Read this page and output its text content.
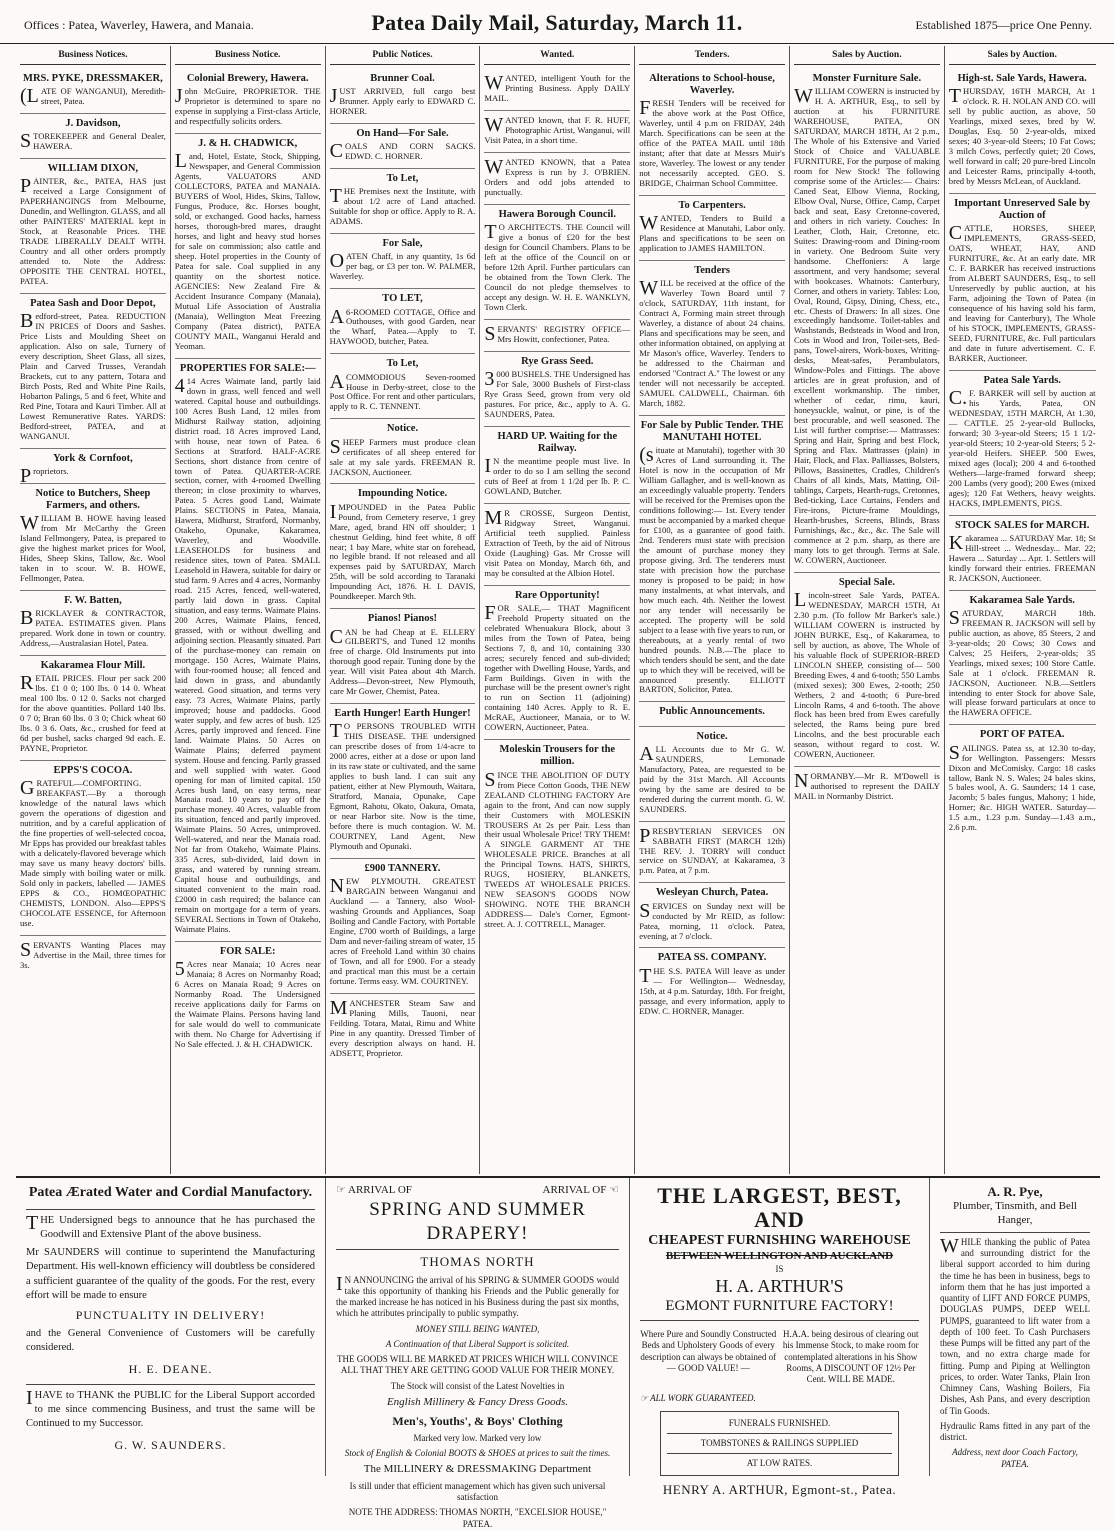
Offices : Patea, Waverley, Hawera, and Manaia.	Patea Daily Mail, Saturday, March 11.	Established 1875—price One Penny.
Business Notices.
MRS. PYKE, DRESSMAKER,

(LATE OF WANGANUI), Meredith-street, Patea.

J. Davidson,

STOREKEEPER and General Dealer, HAWERA.

WILLIAM DIXON,

PAINTER, &c., PATEA, HAS just received a Large Consignment of PAPERHANGINGS from Melbourne, Dunedin, and Wellington. GLASS, and all other PAINTERS' MATERIAL kept in Stock, at Reasonable Prices. THE TRADE LIBERALLY DEALT WITH. Country and all other orders promptly attended to. Note the Address: OPPOSITE THE CENTRAL HOTEL, PATEA.

Patea Sash and Door Depot,

Bedford-street, Patea. REDUCTION IN PRICES of Doors and Sashes. Price Lists and Moulding Sheet on application. Also on sale, Turnery of every description, Sheet Glass, all sizes, Plain and Carved Trusses, Verandah Brackets, cut to any pattern, Totara and Birch Posts, Red and White Pine Rails, Hobarton Palings, 5 and 6 feet, White and Red Pine, Totara and Kauri Timber. All at Lowest Remunerative Rates. YARDS: Bedford-street, PATEA, and at WANGANUI.

York & Cornfoot,

Proprietors.

Notice to Butchers, Sheep Farmers, and others.

WILLIAM B. HOWE having leased from Mr McCarthy the Green Island Fellmongery, Patea, is prepared to give the highest market prices for Wool, Hides, Sheep Skins, Tallow, &c. Wool taken in to scour. W. B. HOWE, Fellmonger, Patea.

F. W. Batten,

BRICKLAYER & CONTRACTOR, PATEA. ESTIMATES given. Plans prepared. Work done in town or country. Address,—Australasian Hotel, Patea.

Kakaramea Flour Mill.

RETAIL PRICES. Flour per sack 200 lbs. £1 0 0; 100 lbs. 0 14 0. Wheat meal 100 lbs. 0 12 0. Sacks not charged for the above quantities. Pollard 140 lbs. 0 7 0; Bran 60 lbs. 0 3 0; Chick wheat 60 lbs. 0 3 6. Oats, &c., crushed for feed at 6d per bushel, sacks charged 9d each. E. PAYNE, Proprietor.

EPPS'S COCOA.

GRATEFUL—COMFORTING. BREAKFAST.—By a thorough knowledge of the natural laws which govern the operations of digestion and nutrition, and by a careful application of the fine properties of well-selected cocoa, Mr Epps has provided our breakfast tables with a delicately-flavored beverage which may save us many heavy doctors' bills. Made simply with boiling water or milk. Sold only in packets, labelled — JAMES EPPS & CO., HOMŒOPATHIC CHEMISTS, LONDON. Also—EPPS'S CHOCOLATE ESSENCE, for Afternoon use.

SERVANTS Wanting Places may Advertise in the Mail, three times for 3s.

Business Notice.
Colonial Brewery, Hawera.

John McGuire, PROPRIETOR. THE Proprietor is determined to spare no expense in supplying a First-class Article, and respectfully solicits orders.

J. & H. CHADWICK,

Land, Hotel, Estate, Stock, Shipping, Newspaper, and General Commission Agents, VALUATORS AND COLLECTORS, PATEA and MANAIA. BUYERS of Wool, Hides, Skins, Tallow, Fungus, Produce, &c. Horses bought, sold, or exchanged. Good hacks, harness horses, thorough-bred mares, draught horses, and light and heavy stud horses for sale on commission; also cattle and sheep. Hotel properties in the County of Patea for sale. Coal supplied in any quantity on the shortest notice. AGENCIES: New Zealand Fire & Accident Insurance Company (Manaia), Mutual Life Association of Australia (Manaia), Wellington Meat Freezing Company (Patea district), PATEA COUNTY MAIL, Wanganui Herald and Yeoman.

PROPERTIES FOR SALE:—

414 Acres Waimate land, partly laid down in grass, well fenced and well watered. Capital house and outbuildings. 100 Acres Bush Land, 12 miles from Midhurst Railway station, adjoining district road. 18 Acres improved Land, with house, near town of Patea. 6 Sections at Stratford. HALF-ACRE Sections, short distance from centre of town of Patea. QUARTER-ACRE section, corner, with 4-roomed Dwelling thereon; in close proximity to wharves, Patea. 5 Acres good Land, Waimate Plains. SECTIONS in Patea, Manaia, Hawera, Midhurst, Stratford, Normanby, Otakeho, Opunake, Kakaramea, Waverley, and Woodville. LEASEHOLDS for business and residence sites, town of Patea. SMALL Leasehold in Hawera, suitable for dairy or stud farm. 9 Acres and 4 acres, Normanby road. 215 Acres, fenced, well-watered, partly laid down in grass. Capital situation, and easy terms. Waimate Plains. 200 Acres, Waimate Plains, fenced, grassed, with or without dwelling and adjoining section. Pleasantly situated. Part of the purchase-money can remain on mortgage. 150 Acres, Waimate Plains, with four-roomed house; all fenced and laid down in grass, and abundantly watered. Good situation, and terms very easy. 73 Acres, Waimate Plains, partly improved; house and paddocks. Good water supply, and few acres of bush. 125 Acres, partly improved and fenced. Fine land. Waimate Plains. 50 Acres on Waimate Plains; deferred payment system. House and fencing. Partly grassed and well supplied with water. Good opening for man of limited capital. 150 Acres bush land, on easy terms, near Manaia road. 10 years to pay off the purchase money. 40 Acres, valuable from its situation, fenced and partly improved. Waimate Plains. 50 Acres, unimproved. Well-watered, and near the Manaia road. Not far from Otakeho, Waimate Plains. 335 Acres, sub-divided, laid down in grass, and watered by running stream. Capital house and outbuildings, and situated convenient to the main road. £2000 in cash required; the balance can remain on mortgage for a term of years. SEVERAL Sections in Town of Otakeho, Waimate Plains.

FOR SALE:

5Acres near Manaia; 10 Acres near Manaia; 8 Acres on Normanby Road; 6 Acres on Manaia Road; 9 Acres on Normanby Road. The Undersigned receive applications daily for Farms on the Waimate Plains. Persons having land for sale would do well to communicate with them. No Charge for Advertising if No Sale effected. J. & H. CHADWICK.

Public Notices.
Brunner Coal.

JUST ARRIVED, full cargo best Brunner. Apply early to EDWARD C. HORNER.

On Hand—For Sale.

COALS AND CORN SACKS. EDWD. C. HORNER.

To Let,

THE Premises next the Institute, with about 1/2 acre of Land attached. Suitable for shop or office. Apply to R. A. ADAMS.

For Sale,

OATEN Chaff, in any quantity, 1s 6d per bag, or £3 per ton. W. PALMER, Waverley.

TO LET,

A6-ROOMED COTTAGE, Office and Outhouses, with good Garden, near the Wharf, Patea.—Apply to T. HAYWOOD, butcher, Patea.

To Let,

ACOMMODIOUS Seven-roomed House in Derby-street, close to the Post Office. For rent and other particulars, apply to R. C. TENNENT.

Notice.

SHEEP Farmers must produce clean certificates of all sheep entered for sale at my sale yards. FREEMAN R. JACKSON, Auctioneer.

Impounding Notice.

IMPOUNDED in the Patea Public Pound, from Cemetery reserve, 1 grey Mare, aged, brand HN off shoulder; 1 chestnut Gelding, hind feet white, 8 off near; 1 bay Mare, white star on forehead, no legible brand. If not released and all expenses paid by SATURDAY, March 25th, will be sold according to Taranaki Impounding Act, 1876. H. I. DAVIS, Poundkeeper. March 9th.

Pianos! Pianos!

CAN be had Cheap at E. ELLERY GILBERT'S, and Tuned 12 months free of charge. Old Instruments put into thorough good repair. Tuning done by the year. Will visit Patea about 4th March. Address—Devon-street, New Plymouth, care Mr Gower, Chemist, Patea.

Earth Hunger! Earth Hunger!

TO PERSONS TROUBLED WITH THIS DISEASE. THE undersigned can prescribe doses of from 1/4-acre to 2000 acres, either at a dose or upon land in its raw state or cultivated, and the same applies to bush land. I can suit any patient, either at New Plymouth, Waitara, Stratford, Manaia, Opunake, Cape Egmont, Rahotu, Okato, Oakura, Omata, or near Harbor site. Now is the time, before there is much contagion. W. M. COURTNEY, Land Agent, New Plymouth and Opunaki.

£900 TANNERY.

NEW PLYMOUTH. GREATEST BARGAIN between Wanganui and Auckland — a Tannery, also Wool-washing Grounds and Appliances, Soap Boiling and Candle Factory, with Portable Engine, £700 worth of Buildings, a large Dam and never-failing stream of water, 15 acres of Freehold Land within 30 chains of Town, and all for £900. For a steady and practical man this must be a certain fortune. Terms easy. WM. COURTNEY.

MANCHESTER Steam Saw and Planing Mills, Tauoni, near Feilding. Totara, Matai, Rimu and White Pine in any quantity. Dressed Timber of every description always on hand. H. ADSETT, Proprietor.

Wanted.

WANTED, intelligent Youth for the Printing Business. Apply DAILY MAIL.

WANTED known, that F. R. HUFF, Photographic Artist, Wanganui, will Visit Patea, in a short time.

WANTED KNOWN, that a Patea Express is run by J. O'BRIEN. Orders and odd jobs attended to punctually.

Hawera Borough Council.

TO ARCHITECTS. THE Council will give a bonus of £20 for the best design for Council Chambers. Plans to be left at the office of the Council on or before 12th April. Further particulars can be obtained from the Town Clerk. The Council do not pledge themselves to accept any design. W. H. E. WANKLYN, Town Clerk.

SERVANTS' REGISTRY OFFICE—Mrs Howitt, confectioner, Patea.

Rye Grass Seed.

3000 BUSHELS. THE Undersigned has For Sale, 3000 Bushels of First-class Rye Grass Seed, grown from very old pastures. For price, &c., apply to A. G. SAUNDERS, Patea.

HARD UP. Waiting for the Railway.

IN the meantime people must live. In order to do so I am selling the second cuts of Beef at from 1 1/2d per lb. P. C. GOWLAND, Butcher.

MR CROSSE, Surgeon Dentist, Ridgway Street, Wanganui. Artificial teeth supplied. Painless Extraction of Teeth, by the aid of Nitrous Oxide (Laughing) Gas. Mr Crosse will visit Patea on Monday, March 6th, and may be consulted at the Albion Hotel.

Rare Opportunity!

FOR SALE,— THAT Magnificent Freehold Property situated on the celebrated Whenuakura Block, about 3 miles from the Town of Patea, being Sections 7, 8, and 10, containing 330 acres; securely fenced and sub-divided; together with Dwelling House, Yards, and Farm Buildings. Given in with the purchase will be the present owner's right to run on Section 11 (adjoining) containing 140 Acres. Apply to R. E. McRAE, Auctioneer, Manaia, or to W. COWERN, Auctioneer, Patea.

Moleskin Trousers for the million.

SINCE THE ABOLITION OF DUTY from Piece Cotton Goods, THE NEW ZEALAND CLOTHING FACTORY Are again to the front, And can now supply their Customers with MOLESKIN TROUSERS At 2s per Pair. Less than their usual Wholesale Price! TRY THEM! A SINGLE GARMENT AT THE WHOLESALE PRICE. Branches at all the Principal Towns. HATS, SHIRTS, RUGS, HOSIERY, BLANKETS, TWEEDS AT WHOLESALE PRICES. NEW SEASON'S GOODS NOW SHOWING. NOTE THE BRANCH ADDRESS— Dale's Corner, Egmont-street. A. J. COTTRELL, Manager.

Tenders.
Alterations to School-house, Waverley.

FRESH Tenders will be received for the above work at the Post Office, Waverley, until 4 p.m on FRIDAY, 24th March. Specifications can be seen at the office of the PATEA MAIL until 18th instant; after that date at Messrs Muir's store, Waverley. The lowest or any tender not necessarily accepted. GEO. S. BRIDGE, Chairman School Committee.

To Carpenters.

WANTED, Tenders to Build a Residence at Manutahi, Labor only. Plans and specifications to be seen on application to JAMES HAMILTON.

Tenders

WILL be received at the office of the Waverley Town Board until 7 o'clock, SATURDAY, 11th instant, for Contract A, Forming main street through Waverley, a distance of about 24 chains. Plans and specifications may be seen, and other information obtained, on applying at Mr Mason's office, Waverley. Tenders to be addressed to the Chairman and endorsed "Contract A." The lowest or any tender will not necessarily be accepted. SAMUEL CALDWELL, Chairman. 6th March, 1882.

For Sale by Public Tender. THE MANUTAHI HOTEL

(situate at Manutahi), together with 30 Acres of Land surrounding it. The Hotel is now in the occupation of Mr William Gallagher, and is well-known as an exceedingly valuable property. Tenders will be received for the Premises upon the conditions following:— 1st. Every tender must be accompanied by a marked cheque for £100, as a guarantee of good faith. 2nd. Tenderers must state with precision the amount of purchase money they propose giving. 3rd. The tenderers must state with precision how the purchase money is proposed to be paid; in how many instalments, at what intervals, and how much each. 4th. Neither the lowest nor any tender will necessarily be accepted. The property will be sold subject to a lease with five years to run, or thereabouts, at a yearly rental of two hundred pounds. N.B.—The place to which tenders should be sent, and the date up to which they will be received, will be announced presently. ELLIOTT BARTON, Solicitor, Patea.

Public Announcements.
Notice.

ALL Accounts due to Mr G. W. SAUNDERS, Lemonade Manufactory, Patea, are requested to be paid by the 31st March. All Accounts owing by the same are desired to be rendered during the current month. G. W. SAUNDERS.

PRESBYTERIAN SERVICES ON SABBATH FIRST (MARCH 12th) THE REV. J. TORRY will conduct service on SUNDAY, at Kakaramea, 3 p.m. Patea, at 7 p.m.

Wesleyan Church, Patea.

SERVICES on Sunday next will be conducted by Mr REID, as follow: Patea, morning, 11 o'clock. Patea, evening, at 7 o'clock.

PATEA SS. COMPANY.

THE S.S. PATEA Will leave as under— For Wellington— Wednesday, 15th, at 4 p.m. Saturday, 18th. For freight, passage, and every information, apply to EDW. C. HORNER, Manager.

Sales by Auction.
Monster Furniture Sale.

WILLIAM COWERN is instructed by H. A. ARTHUR, Esq., to sell by auction at his FURNITURE WAREHOUSE, PATEA, ON SATURDAY, MARCH 18TH, At 2 p.m., The Whole of his Extensive and Varied Stock of Choice and VALUABLE FURNITURE, For the purpose of making room for New Stock! The following comprise some of the Articles:— Chairs: Caned Seat, Elbow Vienna, Rocking, Elbow Oval, Nurse, Office, Camp, Carpet back and seat, Easy Cretonne-covered, and others in rich variety. Couches: In Leather, Cloth, Hair, Cretonne, etc. Suites: Drawing-room and Dining-room in variety. One Bedroom Suite very handsome. Cheffoniers: A large assortment, and very handsome; several with bookcases. Whatnots: Canterbury, Corner, and others in variety. Tables: Loo, Oval, Round, Gipsy, Dining, Chess, etc., etc. Chests of Drawers: In all sizes. One exceedingly handsome. Toilet-tables and Washstands, Bedsteads in Wood and Iron, Cots in Wood and Iron, Toilet-sets, Bed-pans, Towel-airers, Work-boxes, Writing-desks, Meat-safes, Perambulators, Window-Poles and Fittings. The above articles are in great profusion, and of excellent workmanship. The timber, whether of cedar, rimu, kauri, honeysuckle, walnut, or pine, is of the best procurable, and well seasoned. The List will further comprise:— Mattrasses: Spring and Hair, Spring and best Flock, Spring and Flax. Mattrasses (plain) in Hair, Flock, and Flax. Palliasses, Bolsters, Pillows, Bassinettes, Cradles, Children's Chairs of all kinds, Mats, Matting, Oil-tablings, Carpets, Hearth-rugs, Cretonnes, Bed-ticking, Lace Curtains, Fenders and Fire-irons, Picture-frame Mouldings, Hearth-brushes, Screens, Blinds, Brass Furnishings, &c., &c., &c. The Sale will commence at 2 p.m. sharp, as there are many lots to get through. Terms at Sale. W. COWERN, Auctioneer.

Special Sale.

Lincoln-street Sale Yards, PATEA. WEDNESDAY, MARCH 15TH, At 2.30 p.m. (To follow Mr Barker's sale.) WILLIAM COWERN is instructed by JOHN BURKE, Esq., of Kakaramea, to sell by auction, as above, The Whole of his valuable flock of SUPERIOR-BRED LINCOLN SHEEP, consisting of— 500 Breeding Ewes, 4 and 6-tooth; 550 Lambs (mixed sexes); 300 Ewes, 2-tooth; 250 Wethers, 2 and 4-tooth; 6 Pure-bred Lincoln Rams, 4 and 6-tooth. The above flock has been bred from Ewes carefully selected, the Rams being pure bred Lincolns, and the best procurable each season, without regard to cost. W. COWERN, Auctioneer.

NORMANBY.—Mr R. M'Dowell is authorised to represent the DAILY MAIL in Normanby District.

Sales by Auction.
High-st. Sale Yards, Hawera.

THURSDAY, 16TH MARCH, At 1 o'clock. R. H. NOLAN AND CO. will sell by public auction, as above, 50 Yearlings, mixed sexes, bred by W. Douglas, Esq. 50 2-year-olds, mixed sexes; 40 3-year-old Steers; 10 Fat Cows; 3 milch Cows, perfectly quiet; 20 Cows, well forward in calf; 20 pure-bred Lincoln and Leicester Rams, principally 4-tooth, bred by Messrs McLean, of Auckland.

Important Unreserved Sale by Auction of

CATTLE, HORSES, SHEEP, IMPLEMENTS, GRASS-SEED, OATS, WHEAT, HAY, AND FURNITURE, &c. At an early date. MR C. F. BARKER has received instructions from ALBERT SAUNDERS, Esq., to sell Unreservedly by public auction, at his Farm, adjoining the Town of Patea (in consequence of his having sold his farm, and leaving for Canterbury), The Whole of his STOCK, IMPLEMENTS, GRASS-SEED, FURNITURE, &c. Full particulars and date in future advertisement. C. F. BARKER, Auctioneer.

Patea Sale Yards.

C.F. BARKER will sell by auction at his Yards, Patea, ON WEDNESDAY, 15TH MARCH, At 1.30,— CATTLE. 25 2-year-old Bullocks, forward; 30 3-year-old Steers; 15 1 1/2-year-old Steers; 10 2-year-old Steers; 5 2-year-old Heifers. SHEEP. 500 Ewes, mixed ages (local); 200 4 and 6-toothed Wethers—large-framed forward sheep; 200 Lambs (very good); 200 Ewes (mixed ages); 120 Fat Wethers, heavy weights. HACKS, IMPLEMENTS, PIGS.

STOCK SALES for MARCH.

Kakaramea ... SATURDAY Mar. 18; St Hill-street ... Wednesday... Mar. 22; Hawera ... Saturday ... Apr. 1. Settlers will kindly forward their entries. FREEMAN R. JACKSON, Auctioneer.

Kakaramea Sale Yards.

SATURDAY, MARCH 18th. FREEMAN R. JACKSON will sell by public auction, as above, 85 Steers, 2 and 3-year-olds; 20 Cows; 30 Cows and Calves; 25 Heifers, 2-year-olds; 35 Yearlings, mixed sexes; 100 Store Cattle. Sale at 1 o'clock. FREEMAN R. JACKSON, Auctioneer. N.B.—Settlers intending to enter Stock for above Sale, will please forward particulars at once to the HAWERA OFFICE.

PORT OF PATEA.

SAILINGS. Patea ss, at 12.30 to-day, for Wellington. Passengers: Messrs Dixon and McComisky. Cargo: 18 casks tallow, Bank N. S. Wales; 24 bales skins, 5 bales wool, A. G. Saunders; 14 1 case, Jacomb; 5 bales fungus, Mahony; 1 hide, Horner; &c. HIGH WATER. Saturday—1.5 a.m., 1.23 p.m. Sunday—1.43 a.m., 2.6 p.m.

Patea Ærated Water and Cordial Manufactory.

THE Undersigned begs to announce that he has purchased the Goodwill and Extensive Plant of the above business.

Mr SAUNDERS will continue to superintend the Manufacturing Department. His well-known efficiency will doubtless be considered a sufficient guarantee of the quality of the goods. For the rest, every effort will be made to ensure

PUNCTUALITY IN DELIVERY!

and the General Convenience of Customers will be carefully considered.

H. E. DEANE.

IHAVE to THANK the PUBLIC for the Liberal Support accorded to me since commencing Business, and trust the same will be Continued to my Successor.

G. W. SAUNDERS.
☞ ARRIVAL OF	ARRIVAL OF ☜
SPRING AND SUMMER DRAPERY!
THOMAS NORTH

IN ANNOUNCING the arrival of his SPRING & SUMMER GOODS would take this opportunity of thanking his Friends and the Public generally for the marked increase he has noticed in his Business during the past six months, which he attributes principally to public sympathy.

MONEY STILL BEING WANTED,

A Continuation of that Liberal Support is solicited.

THE GOODS WILL BE MARKED AT PRICES WHICH WILL CONVINCE ALL THAT THEY ARE GETTING GOOD VALUE FOR THEIR MONEY.

The Stock will consist of the Latest Novelties in

English Millinery & Fancy Dress Goods.

Men's, Youths', & Boys' Clothing

Marked very low. Marked very low

Stock of English & Colonial BOOTS & SHOES at prices to suit the times.

The MILLINERY & DRESSMAKING Department

Is still under that efficient management which has given such universal satisfaction

NOTE THE ADDRESS: THOMAS NORTH, "EXCELSIOR HOUSE," PATEA.

THE LARGEST, BEST, AND
CHEAPEST FURNISHING WAREHOUSE
BETWEEN WELLINGTON AND AUCKLAND
IS
H. A. ARTHUR'S
EGMONT FURNITURE FACTORY!

Where Pure and Soundly Constructed Beds and Upholstery Goods of every description can always be obtained of — GOOD VALUE! —

H.A.A. being desirous of clearing out his Immense Stock, to make room for contemplated alterations in his Show Rooms, A DISCOUNT OF 12½ Per Cent. WILL BE MADE.

☞ ALL WORK GUARANTEED.

FUNERALS FURNISHED.
TOMBSTONES & RAILINGS SUPPLIED
AT LOW RATES.
HENRY A. ARTHUR, Egmont-st., Patea.
A. R. Pye,
Plumber, Tinsmith, and Bell Hanger,

WHILE thanking the public of Patea and surrounding district for the liberal support accorded to him during the time he has been in business, begs to inform them that he has just imported a quantity of LIFT AND FORCE PUMPS, DOUGLAS PUMPS, DEEP WELL PUMPS, guaranteed to lift water from a depth of 100 feet. To Cash Purchasers these Pumps will be fitted any part of the town, and no extra charge made for fitting. Pump and Piping at Wellington prices, to order. Water Tanks, Plain Iron Chimney Cans, Washing Boilers, Fia Dishes, Ash Pans, and every description of Tin Goods.

Hydraulic Rams fitted in any part of the district.

Address, next door Coach Factory, PATEA.
